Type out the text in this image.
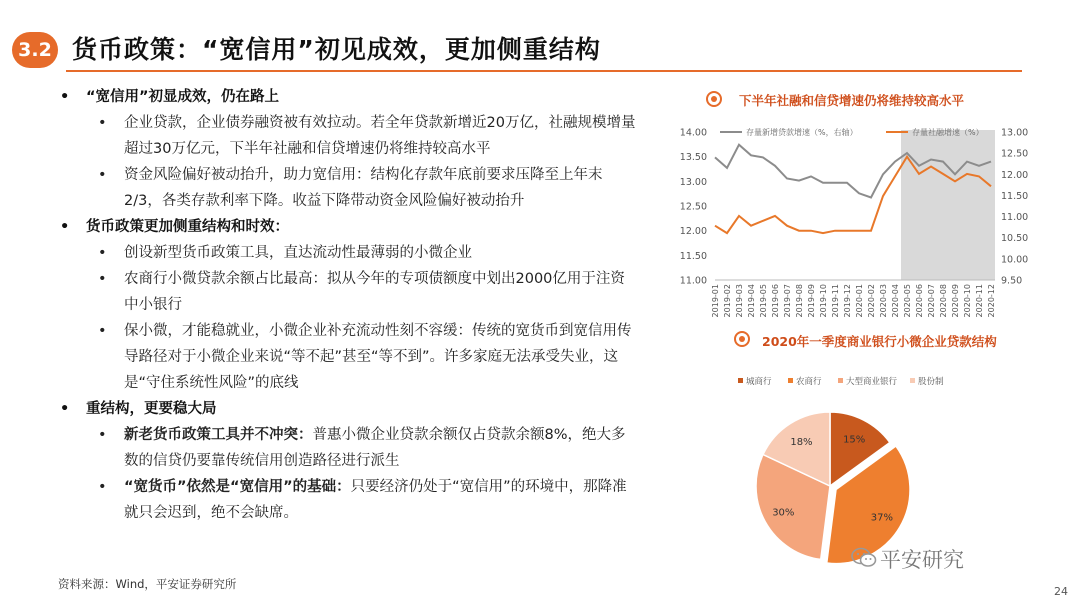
3.2 货币政策：“宽信用”初见成效，更加侧重结构
• “宽信用”初显成效，仍在路上
• 企业贷款，企业债券融资被有效拉动。若全年贷款新增近20万亿，社融规模增量超过30万亿元，下半年社融和信贷增速仍将维持较高水平
• 资金风险偏好被动抬升，助力宽信用：结构化存款年底前要求压降至上年末2/3，各类存款利率下降。收益下降带动资金风险偏好被动抬升
• 货币政策更加侧重结构和时效：
• 创设新型货币政策工具，直达流动性最薄弱的小微企业
• 农商行小微贷款余额占比最高：拟从今年的专项债额度中划出2000亿用于注资中小银行
• 保小微，才能稳就业，小微企业补充流动性刻不容缓：传统的宽货币到宽信用传导路径对于小微企业来说“等不起”甚至“等不到”。许多家庭无法承受失业，这是“守住系统性风险”的底线
• 重结构，更要稳大局
• 新老货币政策工具并不冲突：普惠小微企业贷款余额仅占贷款余额8%，绝大多数的信贷仍要靠传统信用创造路径进行派生
• “宽货币”依然是“宽信用”的基础：只要经济仍处于“宽信用”的环境中，那降准就只会迟到，绝不会缺席。
下半年社融和信贷增速仍将维持较高水平
14.00
13.50
13.00
12.50
12.00
11.50
11.00
13.00
12.50
12.00
11.50
11.00
10.50
10.00
9.50
2019-01 2019-02 2019-03 2019-04 2019-05 2019-06 2019-07 2019-08 2019-09 2019-10 2019-11 2019-12 2020-01 2020-02 2020-03 2020-04 2020-05 2020-06 2020-07 2020-08 2020-09 2020-10 2020-11 2020-12
存量新增贷款增速（%，右轴）	存量社融增速（%）
2020年一季度商业银行小微企业贷款结构
15%
37%
30%
18%
城商行	农商行	大型商业银行 股份制
资料来源：Wind，平安证券研究所
平安研究
24
